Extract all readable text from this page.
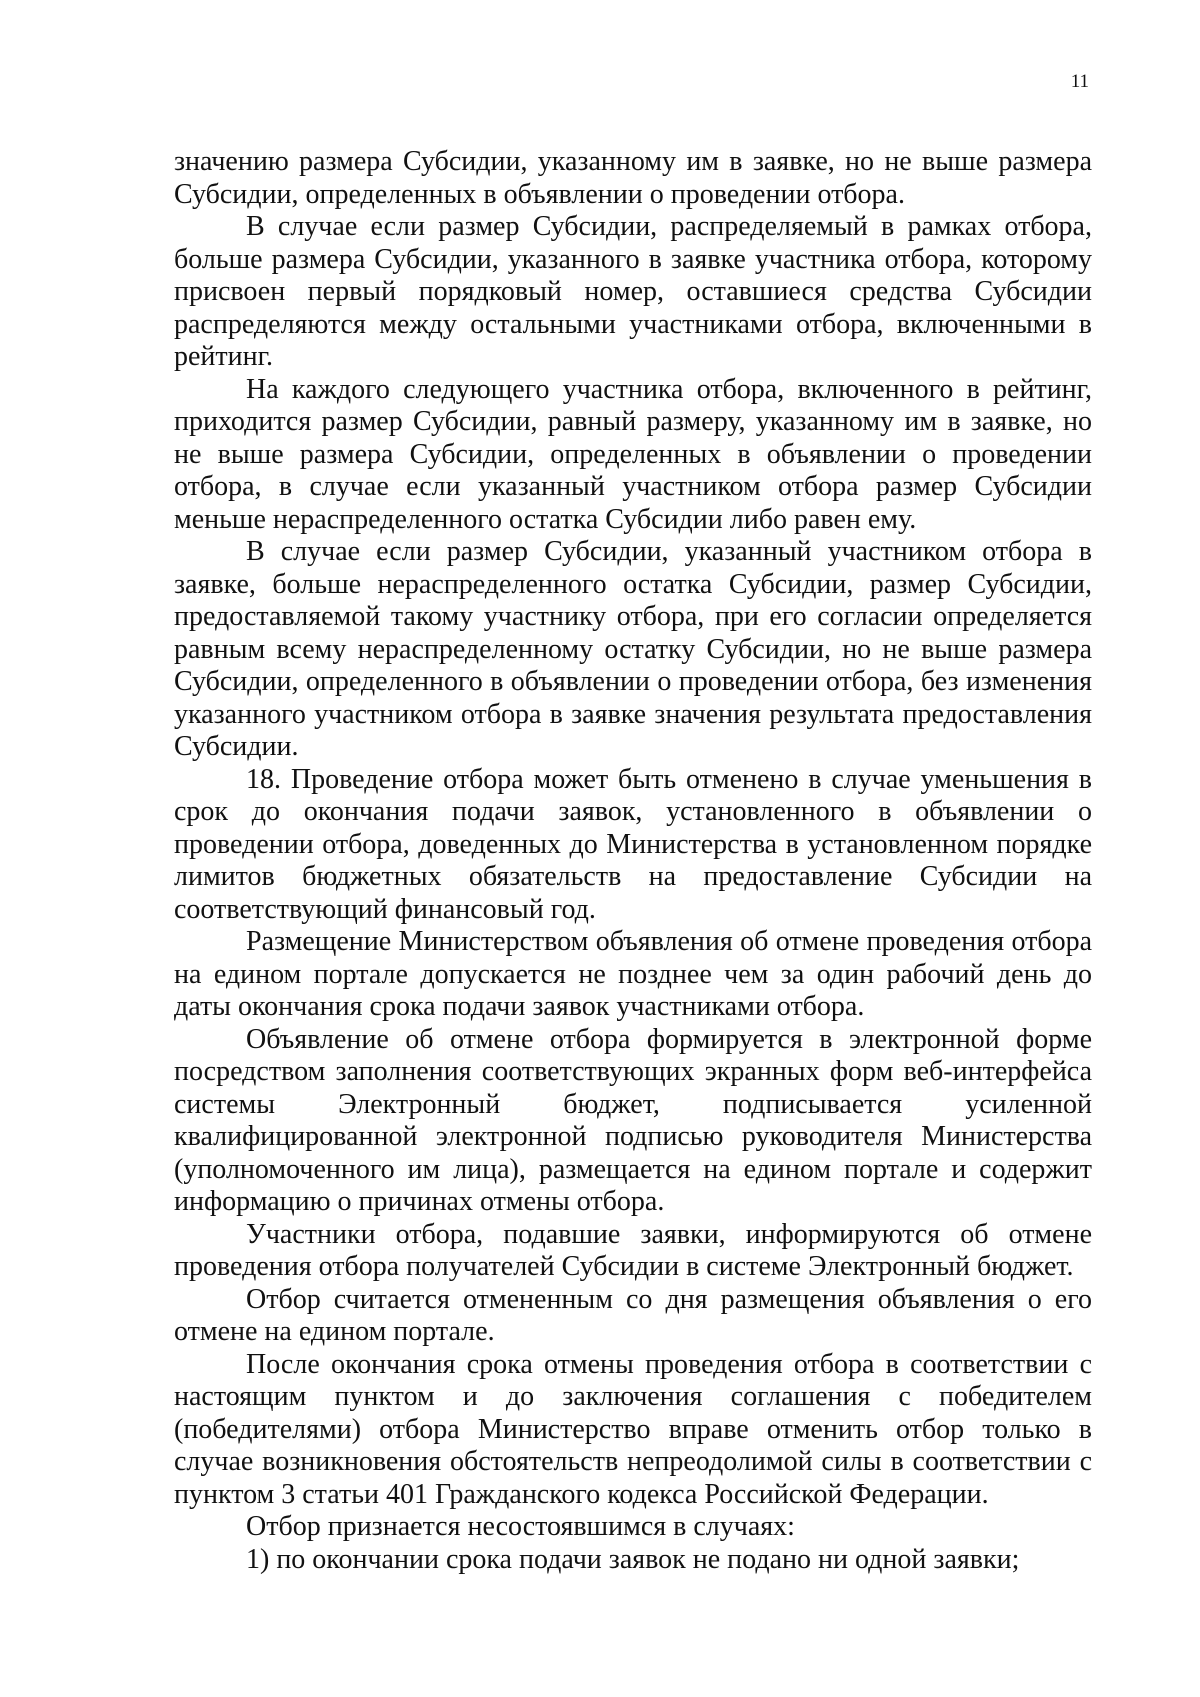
11

значению размера Субсидии, указанному им в заявке, но не выше размера Субсидии, определенных в объявлении о проведении отбора.

В случае если размер Субсидии, распределяемый в рамках отбора, больше размера Субсидии, указанного в заявке участника отбора, которому присвоен первый порядковый номер, оставшиеся средства Субсидии распределяются между остальными участниками отбора, включенными в рейтинг.

На каждого следующего участника отбора, включенного в рейтинг, приходится размер Субсидии, равный размеру, указанному им в заявке, но не выше размера Субсидии, определенных в объявлении о проведении отбора, в случае если указанный участником отбора размер Субсидии меньше нераспределенного остатка Субсидии либо равен ему.

В случае если размер Субсидии, указанный участником отбора в заявке, больше нераспределенного остатка Субсидии, размер Субсидии, предоставляемой такому участнику отбора, при его согласии определяется равным всему нераспределенному остатку Субсидии, но не выше размера Субсидии, определенного в объявлении о проведении отбора, без изменения указанного участником отбора в заявке значения результата предоставления Субсидии.

18. Проведение отбора может быть отменено в случае уменьшения в срок до окончания подачи заявок, установленного в объявлении о проведении отбора, доведенных до Министерства в установленном порядке лимитов бюджетных обязательств на предоставление Субсидии на соответствующий финансовый год.

Размещение Министерством объявления об отмене проведения отбора на едином портале допускается не позднее чем за один рабочий день до даты окончания срока подачи заявок участниками отбора.

Объявление об отмене отбора формируется в электронной форме посредством заполнения соответствующих экранных форм веб-интерфейса системы Электронный бюджет, подписывается усиленной квалифицированной электронной подписью руководителя Министерства (уполномоченного им лица), размещается на едином портале и содержит информацию о причинах отмены отбора.

Участники отбора, подавшие заявки, информируются об отмене проведения отбора получателей Субсидии в системе Электронный бюджет.

Отбор считается отмененным со дня размещения объявления о его отмене на едином портале.

После окончания срока отмены проведения отбора в соответствии с настоящим пунктом и до заключения соглашения с победителем (победителями) отбора Министерство вправе отменить отбор только в случае возникновения обстоятельств непреодолимой силы в соответствии с пунктом 3 статьи 401 Гражданского кодекса Российской Федерации.

Отбор признается несостоявшимся в случаях:

1) по окончании срока подачи заявок не подано ни одной заявки;
